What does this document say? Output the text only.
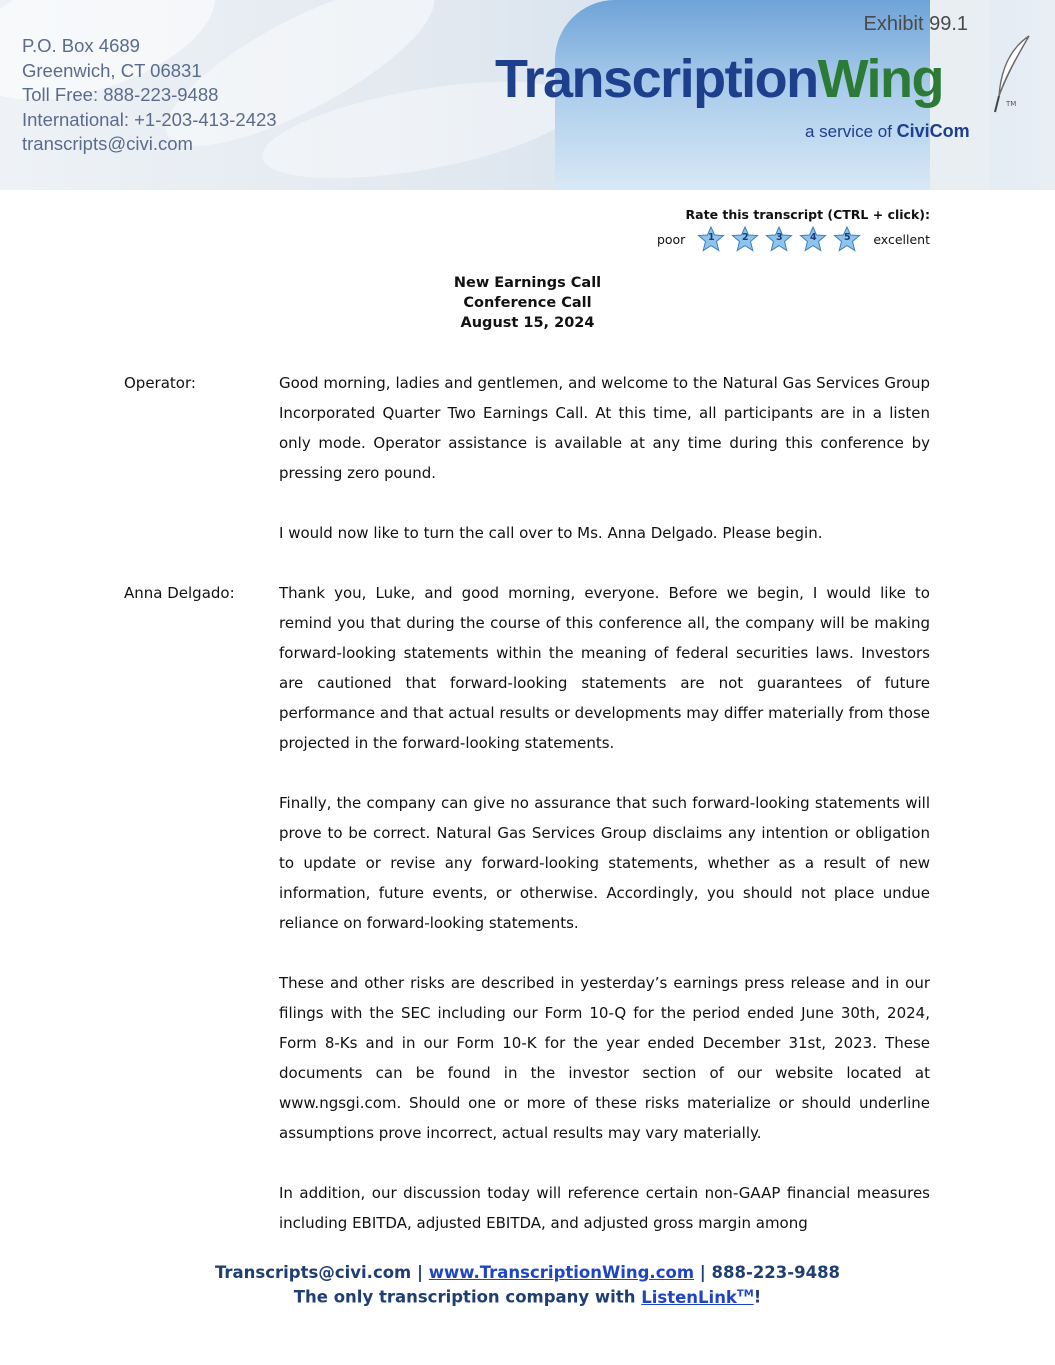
P.O. Box 4689
Greenwich, CT 06831
Toll Free: 888-223-9488
International: +1-203-413-2423
transcripts@civi.com
Exhibit 99.1
TranscriptionWing	TM
a service of CiviCom
Rate this transcript (CTRL + click):
poor	1	2	3	4	5	excellent
New Earnings Call
Conference Call
August 15, 2024
Operator:	Good morning, ladies and gentlemen, and welcome to the Natural Gas Services Group Incorporated Quarter Two Earnings Call. At this time, all participants are in a listen only mode. Operator assistance is available at any time during this conference by pressing zero pound.

I would now like to turn the call over to Ms. Anna Delgado. Please begin.

Anna Delgado:	Thank you, Luke, and good morning, everyone. Before we begin, I would like to remind you that during the course of this conference all, the company will be making forward-looking statements within the meaning of federal securities laws. Investors are cautioned that forward-looking statements are not guarantees of future performance and that actual results or developments may differ materially from those projected in the forward-looking statements.

Finally, the company can give no assurance that such forward-looking statements will prove to be correct. Natural Gas Services Group disclaims any intention or obligation to update or revise any forward-looking statements, whether as a result of new information, future events, or otherwise. Accordingly, you should not place undue reliance on forward-looking statements.

These and other risks are described in yesterday’s earnings press release and in our filings with the SEC including our Form 10-Q for the period ended June 30th, 2024, Form 8-Ks and in our Form 10-K for the year ended December 31st, 2023. These documents can be found in the investor section of our website located at www.ngsgi.com. Should one or more of these risks materialize or should underline assumptions prove incorrect, actual results may vary materially.

In addition, our discussion today will reference certain non-GAAP financial measures including EBITDA, adjusted EBITDA, and adjusted gross margin among

Transcripts@civi.com | www.TranscriptionWing.com | 888-223-9488
The only transcription company with ListenLink™!
